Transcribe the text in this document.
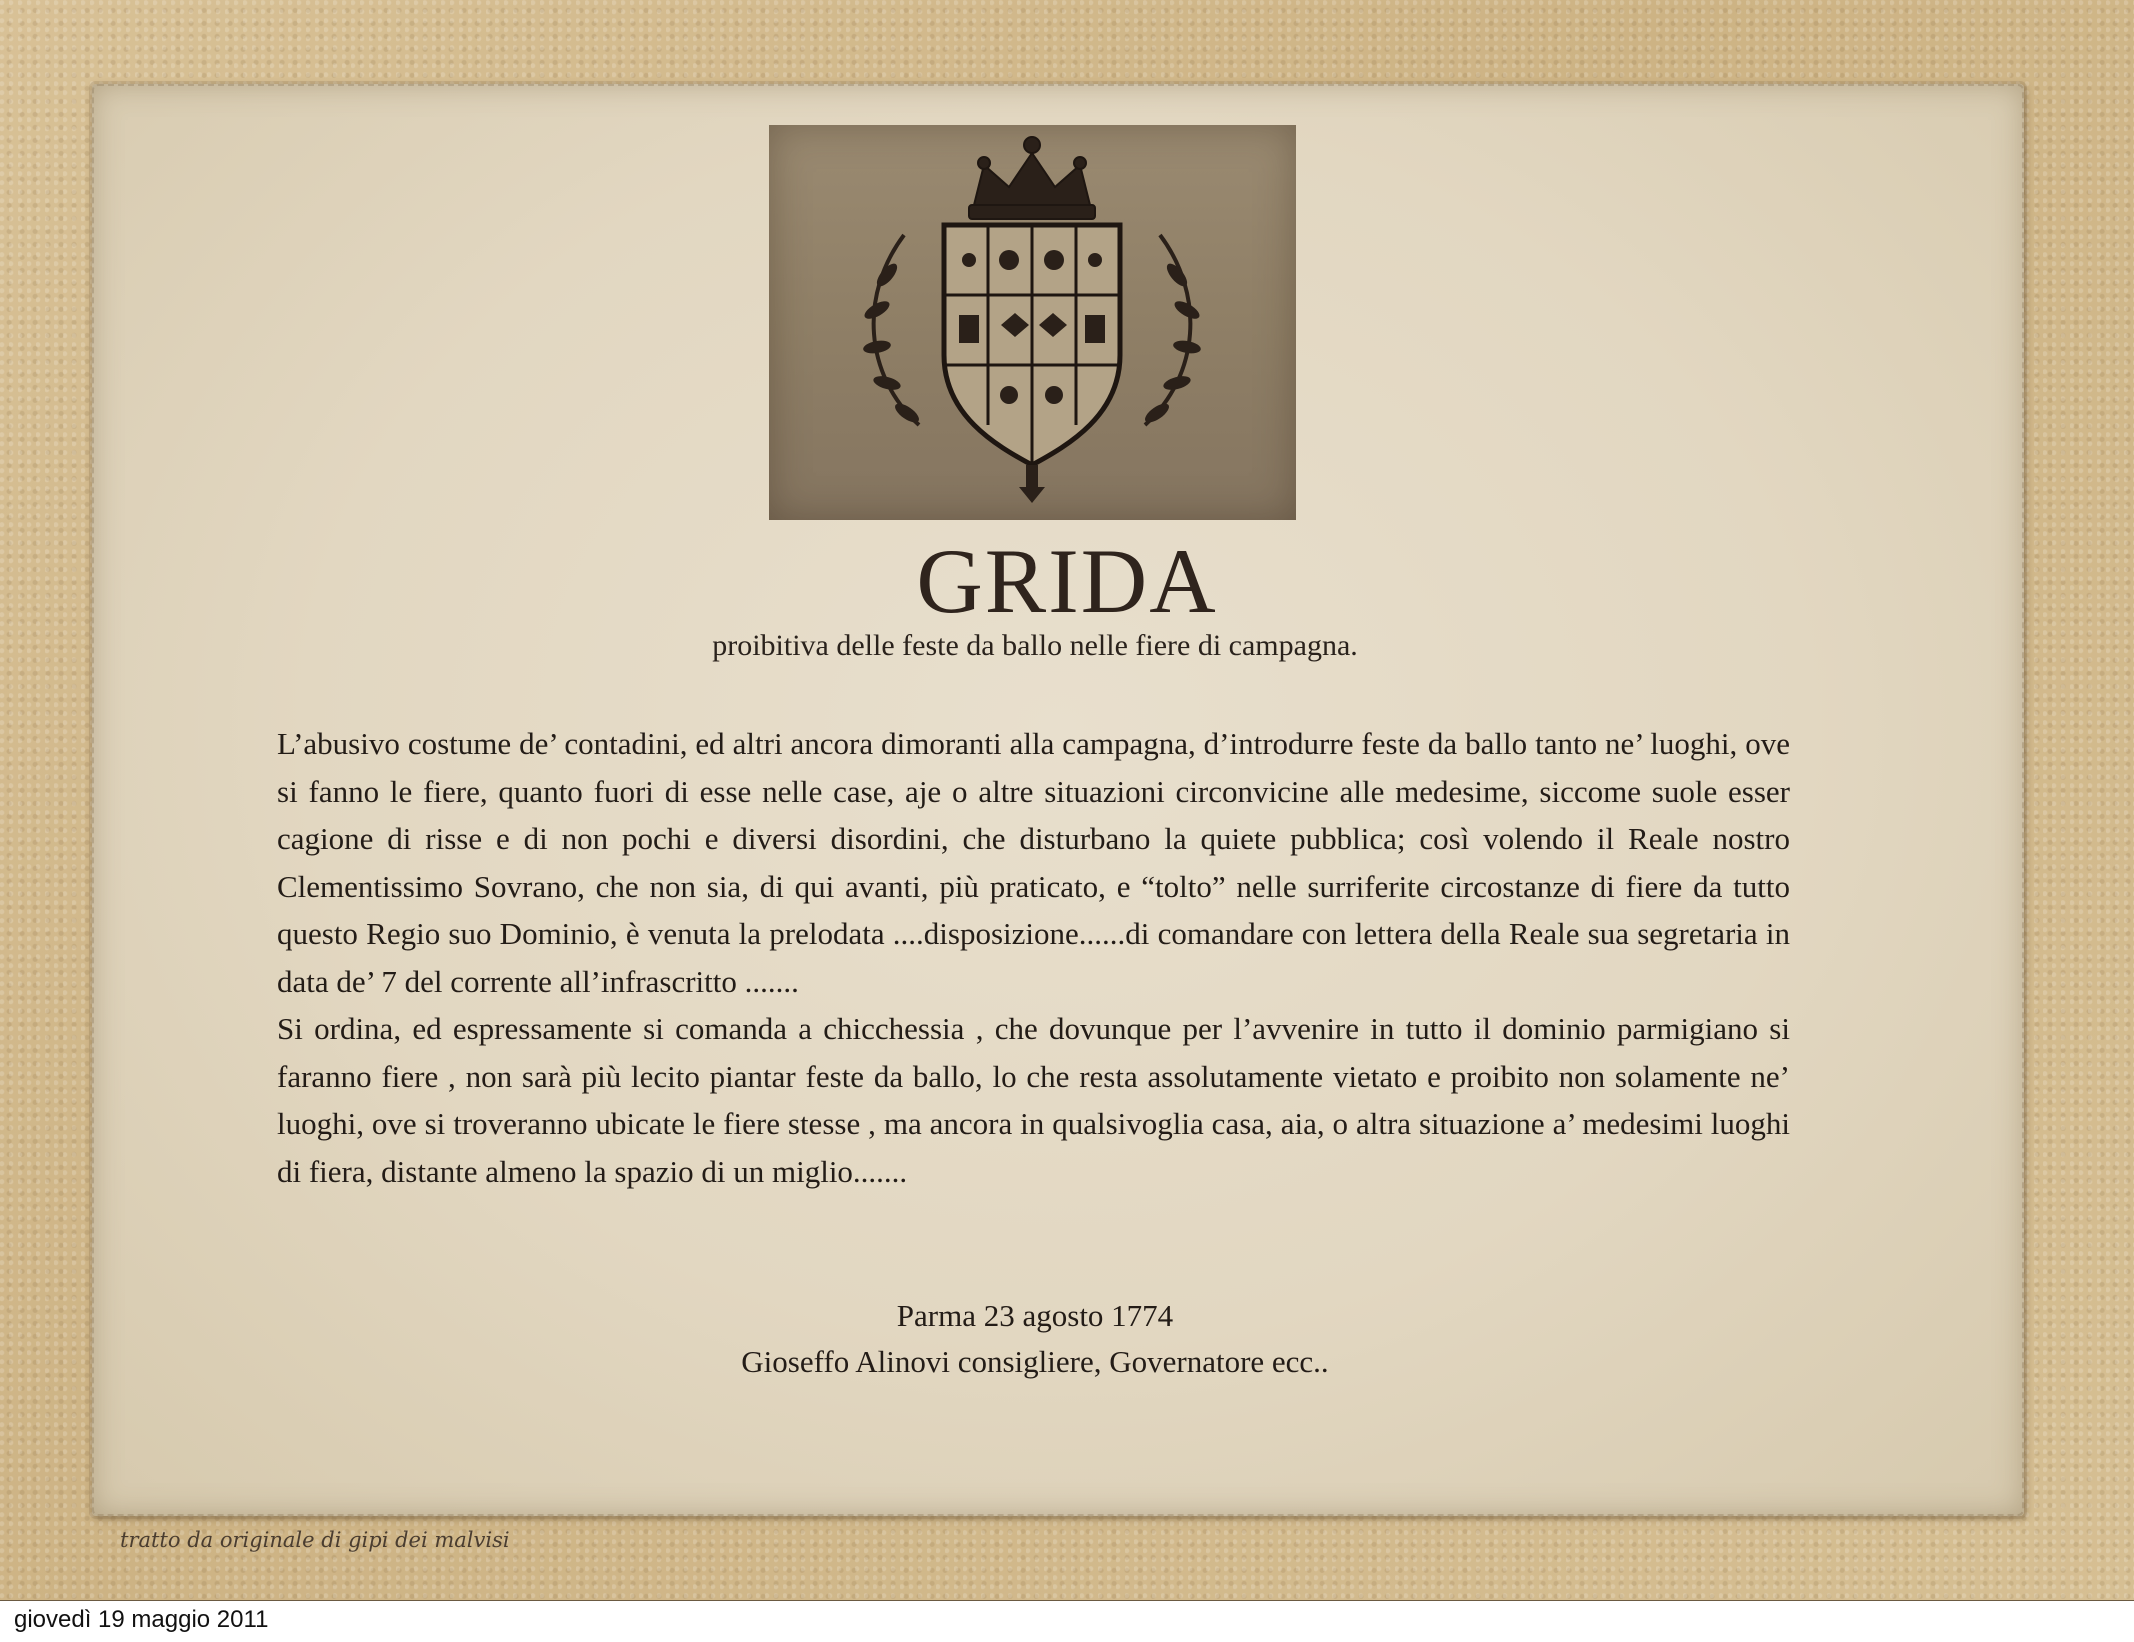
GRIDA
proibitiva delle feste da ballo nelle fiere di campagna.

L’abusivo costume de’ contadini, ed altri ancora dimoranti alla campagna, d’introdurre feste da ballo tanto ne’ luoghi, ove si fanno le fiere, quanto fuori di esse nelle case, aje o altre situazioni circonvicine alle medesime, siccome suole esser cagione di risse e di non pochi e diversi disordini, che disturbano la quiete pubblica; così volendo il Reale nostro Clementissimo Sovrano, che non sia, di qui avanti, più praticato, e “tolto” nelle surriferite circostanze di fiere da tutto questo Regio suo Dominio, è venuta la prelodata ....disposizione......di comandare con lettera della Reale sua segretaria in data de’ 7 del corrente all’infrascritto .......

Si ordina, ed espressamente si comanda a chicchessia , che dovunque per l’avvenire in tutto il dominio parmigiano si faranno fiere , non sarà più lecito piantar feste da ballo, lo che resta assolutamente vietato e proibito non solamente ne’ luoghi, ove si troveranno ubicate le fiere stesse , ma ancora in qualsivoglia casa, aia, o altra situazione a’ medesimi luoghi di fiera, distante almeno la spazio di un miglio.......

Parma 23 agosto 1774
Gioseffo Alinovi consigliere, Governatore ecc..
tratto da originale di gipi dei malvisi
giovedì 19 maggio 2011
